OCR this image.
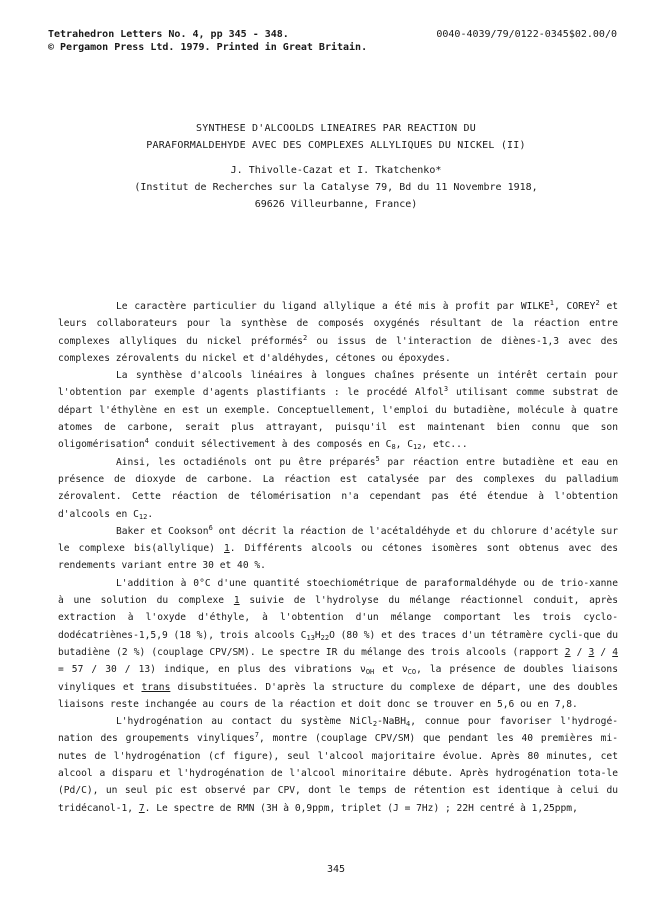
Tetrahedron Letters No. 4, pp 345 - 348.
© Pergamon Press Ltd. 1979. Printed in Great Britain.
0040-4039/79/0122-0345$02.00/0
SYNTHESE D'ALCOOLDS LINEAIRES PAR REACTION DU
PARAFORMALDEHYDE AVEC DES COMPLEXES ALLYLIQUES DU NICKEL (II)
J. Thivolle-Cazat et I. Tkatchenko*
(Institut de Recherches sur la Catalyse 79, Bd du 11 Novembre 1918,
69626 Villeurbanne, France)

Le caractère particulier du ligand allylique a été mis à profit par WILKE$^1$, COREY$^2$ et leurs collaborateurs pour la synthèse de composés oxygénés résultant de la réaction entre complexes allyliques du nickel préformés$^2$ ou issus de l'interaction de diènes-1,3 avec des complexes zérovalents du nickel et d'aldéhydes, cétones ou époxydes.

La synthèse d'alcools linéaires à longues chaînes présente un intérêt certain pour l'obtention par exemple d'agents plastifiants : le procédé Alfol$^3$ utilisant comme substrat de départ l'éthylène en est un exemple. Conceptuellement, l'emploi du butadiène, molécule à quatre atomes de carbone, serait plus attrayant, puisqu'il est maintenant bien connu que son oligomérisation$^4$ conduit sélectivement à des composés en $C_8$, $C_{12}$, etc...

Ainsi, les octadiénols ont pu être préparés$^5$ par réaction entre butadiène et eau en présence de dioxyde de carbone. La réaction est catalysée par des complexes du palladium zérovalent. Cette réaction de télomérisation n'a cependant pas été étendue à l'obtention d'alcools en $C_{12}$.

Baker et Cookson$^6$ ont décrit la réaction de l'acétaldéhyde et du chlorure d'acétyle sur le complexe bis(allylique) 1. Différents alcools ou cétones isomères sont obtenus avec des rendements variant entre 30 et 40 %.

L'addition à 0°C d'une quantité stoechiométrique de paraformaldéhyde ou de trio-xanne à une solution du complexe 1 suivie de l'hydrolyse du mélange réactionnel conduit, après extraction à l'oxyde d'éthyle, à l'obtention d'un mélange comportant les trois cyclo-dodécatriènes-1,5,9 (18 %), trois alcools $C_{13}H_{22}O$ (80 %) et des traces d'un tétramère cycli-que du butadiène (2 %) (couplage CPV/SM). Le spectre IR du mélange des trois alcools (rapport 2 / 3 / 4 = 57 / 30 / 13) indique, en plus des vibrations $\nu_{OH}$ et $\nu_{CO}$, la présence de doubles liaisons vinyliques et trans disubstituées. D'après la structure du complexe de départ, une des doubles liaisons reste inchangée au cours de la réaction et doit donc se trouver en 5,6 ou en 7,8.

L'hydrogénation au contact du système NiCl$_2$-NaBH$_4$, connue pour favoriser l'hydrogé-nation des groupements vinyliques$^7$, montre (couplage CPV/SM) que pendant les 40 premières mi-nutes de l'hydrogénation (cf figure), seul l'alcool majoritaire évolue. Après 80 minutes, cet alcool a disparu et l'hydrogénation de l'alcool minoritaire débute. Après hydrogénation tota-le (Pd/C), un seul pic est observé par CPV, dont le temps de rétention est identique à celui du tridécanol-1, 7. Le spectre de RMN (3H à 0,9ppm, triplet (J = 7Hz) ; 22H centré à 1,25ppm,

345
